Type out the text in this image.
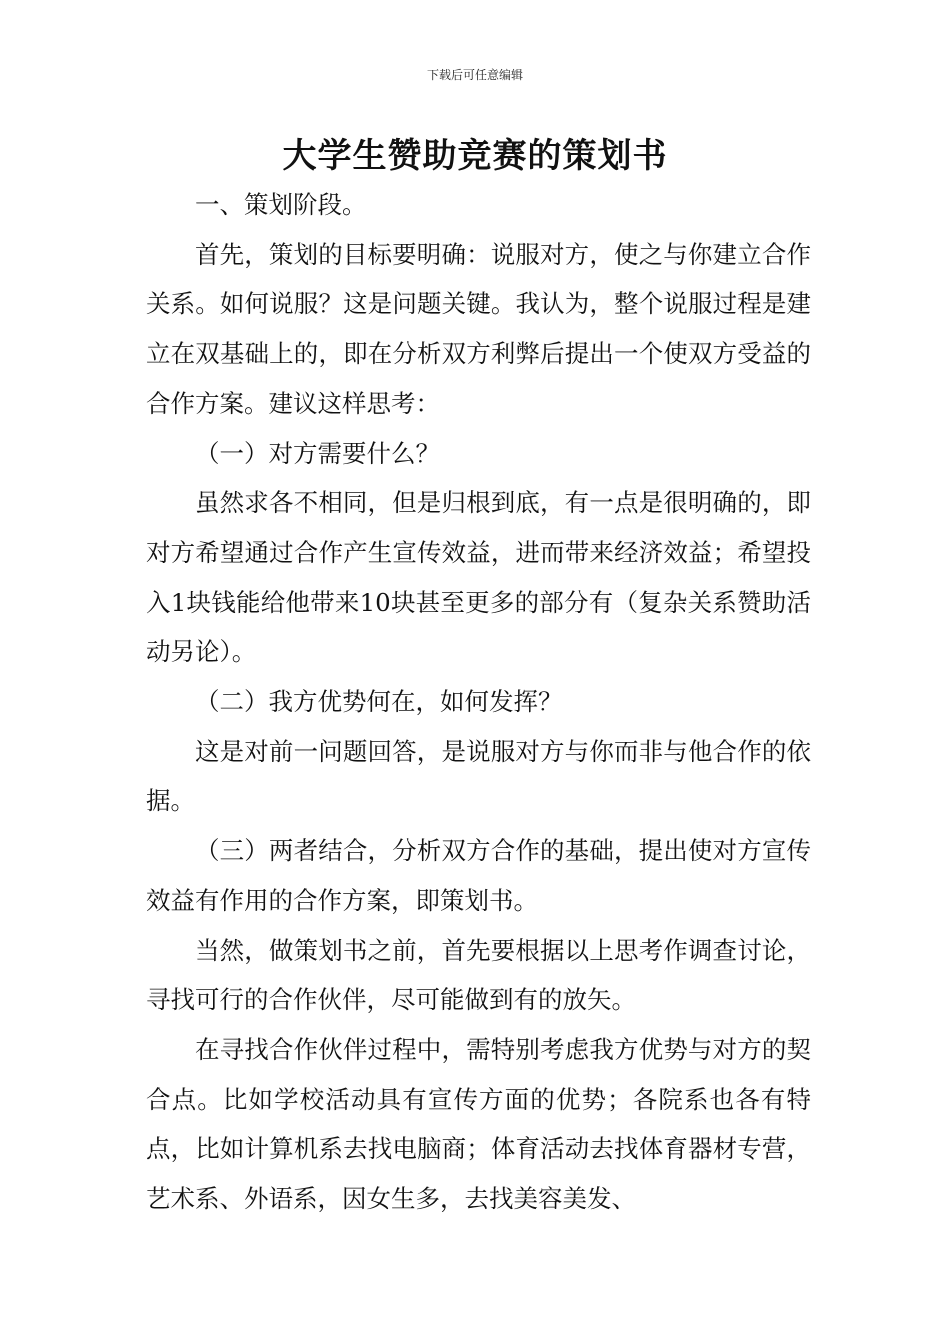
下载后可任意编辑
大学生赞助竞赛的策划书

一、策划阶段。

首先，策划的目标要明确：说服对方，使之与你建立合作关系。如何说服？这是问题关键。我认为，整个说服过程是建立在双基础上的，即在分析双方利弊后提出一个使双方受益的合作方案。建议这样思考：

（一）对方需要什么？

虽然求各不相同，但是归根到底，有一点是很明确的，即对方希望通过合作产生宣传效益，进而带来经济效益；希望投入1块钱能给他带来10块甚至更多的部分有（复杂关系赞助活动另论）。

（二）我方优势何在，如何发挥？

这是对前一问题回答，是说服对方与你而非与他合作的依据。

（三）两者结合，分析双方合作的基础，提出使对方宣传效益有作用的合作方案，即策划书。

当然，做策划书之前，首先要根据以上思考作调查讨论，寻找可行的合作伙伴，尽可能做到有的放矢。

在寻找合作伙伴过程中，需特别考虑我方优势与对方的契合点。比如学校活动具有宣传方面的优势；各院系也各有特点，比如计算机系去找电脑商；体育活动去找体育器材专营，艺术系、外语系，因女生多，去找美容美发、
